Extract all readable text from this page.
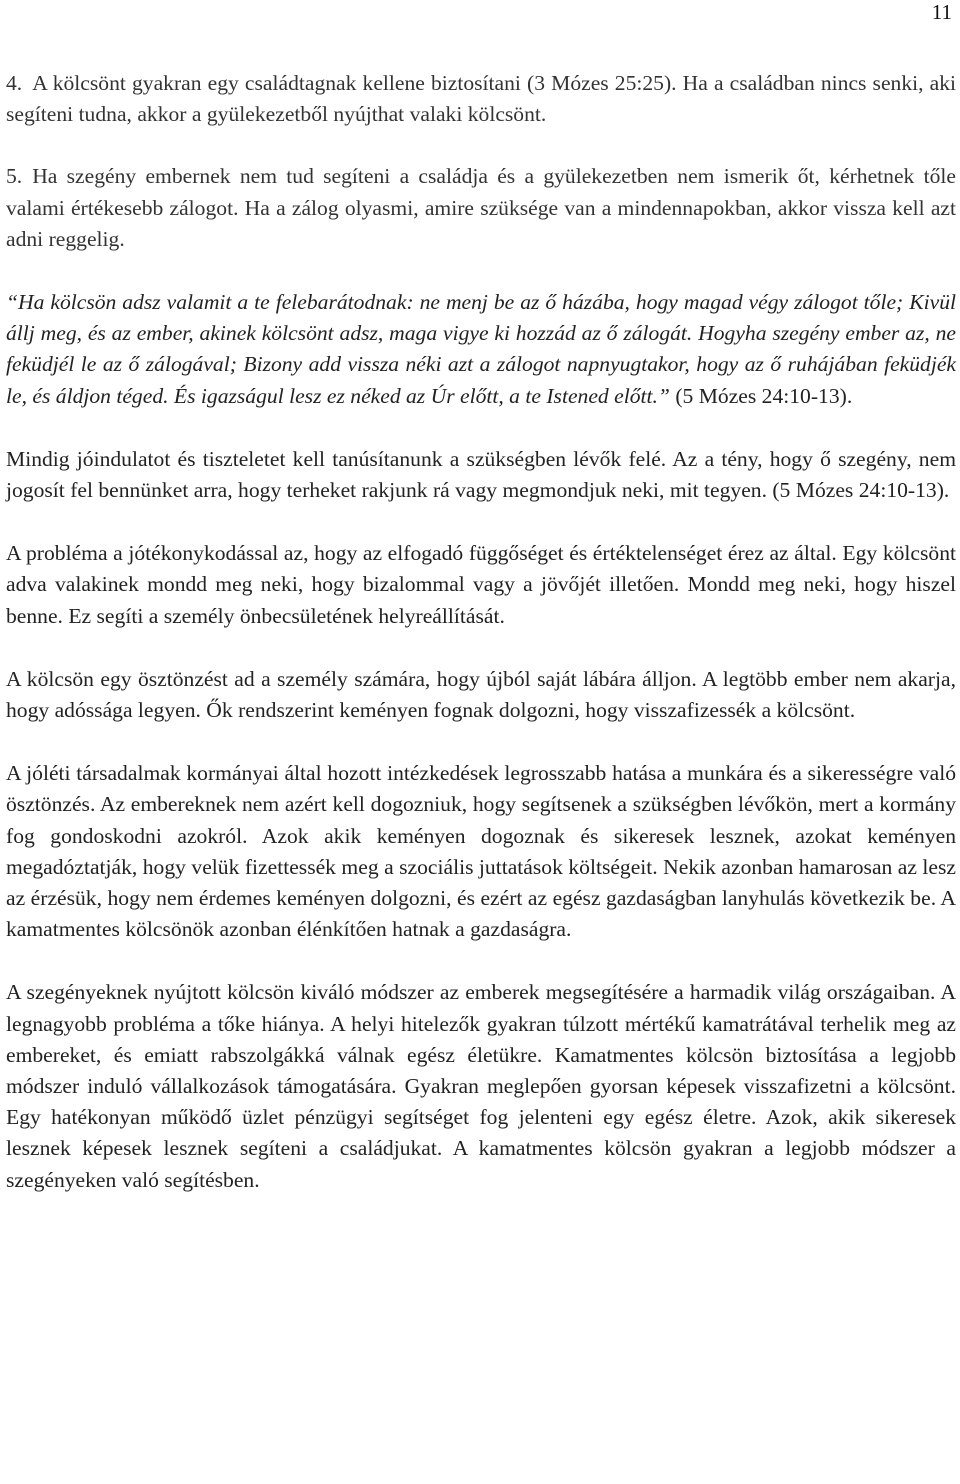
11

4. A kölcsönt gyakran egy családtagnak kellene biztosítani (3 Mózes 25:25). Ha a családban nincs senki, aki segíteni tudna, akkor a gyülekezetből nyújthat valaki kölcsönt.

5. Ha szegény embernek nem tud segíteni a családja és a gyülekezetben nem ismerik őt, kérhetnek tőle valami értékesebb zálogot. Ha a zálog olyasmi, amire szüksége van a mindennapokban, akkor vissza kell azt adni reggelig.

“Ha kölcsön adsz valamit a te felebarátodnak: ne menj be az ő házába, hogy magad végy zálogot tőle; Kivül állj meg, és az ember, akinek kölcsönt adsz, maga vigye ki hozzád az ő zálogát. Hogyha szegény ember az, ne feküdjél le az ő zálogával; Bizony add vissza néki azt a zálogot napnyugtakor, hogy az ő ruhájában feküdjék le, és áldjon téged. És igazságul lesz ez néked az Úr előtt, a te Istened előtt.” (5 Mózes 24:10-13).

Mindig jóindulatot és tiszteletet kell tanúsítanunk a szükségben lévők felé. Az a tény, hogy ő szegény, nem jogosít fel bennünket arra, hogy terheket rakjunk rá vagy megmondjuk neki, mit tegyen. (5 Mózes 24:10-13).

A probléma a jótékonykodással az, hogy az elfogadó függőséget és értéktelenséget érez az által. Egy kölcsönt adva valakinek mondd meg neki, hogy bizalommal vagy a jövőjét illetően. Mondd meg neki, hogy hiszel benne. Ez segíti a személy önbecsületének helyreállítását.

A kölcsön egy ösztönzést ad a személy számára, hogy újból saját lábára álljon. A legtöbb ember nem akarja, hogy adóssága legyen. Ők rendszerint keményen fognak dolgozni, hogy visszafizessék a kölcsönt.

A jóléti társadalmak kormányai által hozott intézkedések legrosszabb hatása a munkára és a sikerességre való ösztönzés. Az embereknek nem azért kell dogozniuk, hogy segítsenek a szükségben lévőkön, mert a kormány fog gondoskodni azokról. Azok akik keményen dogoznak és sikeresek lesznek, azokat keményen megadóztatják, hogy velük fizettessék meg a szociális juttatások költségeit. Nekik azonban hamarosan az lesz az érzésük, hogy nem érdemes keményen dolgozni, és ezért az egész gazdaságban lanyhulás következik be. A kamatmentes kölcsönök azonban élénkítően hatnak a gazdaságra.

A szegényeknek nyújtott kölcsön kiváló módszer az emberek megsegítésére a harmadik világ országaiban. A legnagyobb probléma a tőke hiánya. A helyi hitelezők gyakran túlzott mértékű kamatrátával terhelik meg az embereket, és emiatt rabszolgákká válnak egész életükre. Kamatmentes kölcsön biztosítása a legjobb módszer induló vállalkozások támogatására. Gyakran meglepően gyorsan képesek visszafizetni a kölcsönt. Egy hatékonyan működő üzlet pénzügyi segítséget fog jelenteni egy egész életre. Azok, akik sikeresek lesznek képesek lesznek segíteni a családjukat. A kamatmentes kölcsön gyakran a legjobb módszer a szegényeken való segítésben.
